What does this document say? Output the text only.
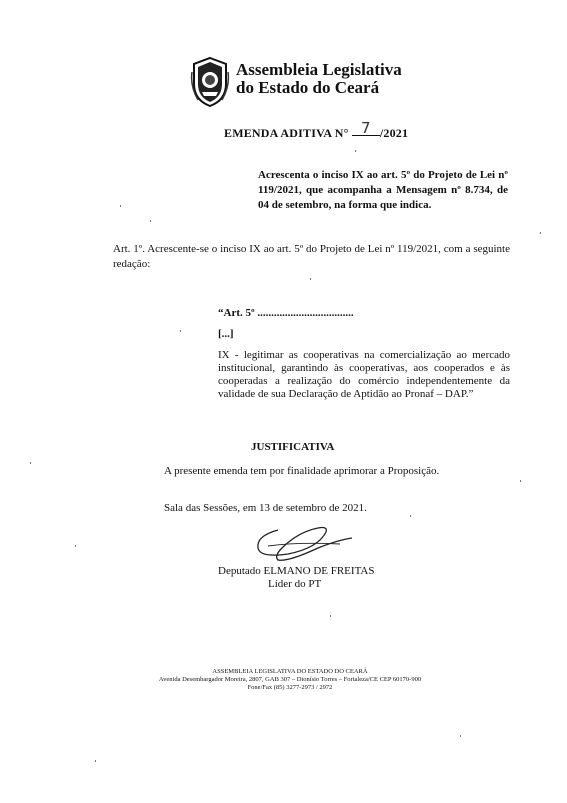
Assembleia Legislativa
do Estado do Ceará
EMENDA ADITIVA N° 7 /2021
Acrescenta o inciso IX ao art. 5º do Projeto de Lei nº 119/2021, que acompanha a Mensagem nº 8.734, de 04 de setembro, na forma que indica.
Art. 1º. Acrescente-se o inciso IX ao art. 5º do Projeto de Lei nº 119/2021, com a seguinte redação:
“Art. 5º ...................................
[...]
IX - legitimar as cooperativas na comercialização ao mercado institucional, garantindo às cooperativas, aos cooperados e às cooperadas a realização do comércio independentemente da validade de sua Declaração de Aptidão ao Pronaf – DAP.”
JUSTIFICATIVA
A presente emenda tem por finalidade aprimorar a Proposição.
Sala das Sessões, em 13 de setembro de 2021.
Deputado ELMANO DE FREITAS
Líder do PT
ASSEMBLEIA LEGISLATIVA DO ESTADO DO CEARÁ
Avenida Desembargador Moreira, 2807, GAB 307 – Dionísio Torres – Fortaleza/CE CEP 60170-900
Fone/Fax (85) 3277-2973 / 2972
